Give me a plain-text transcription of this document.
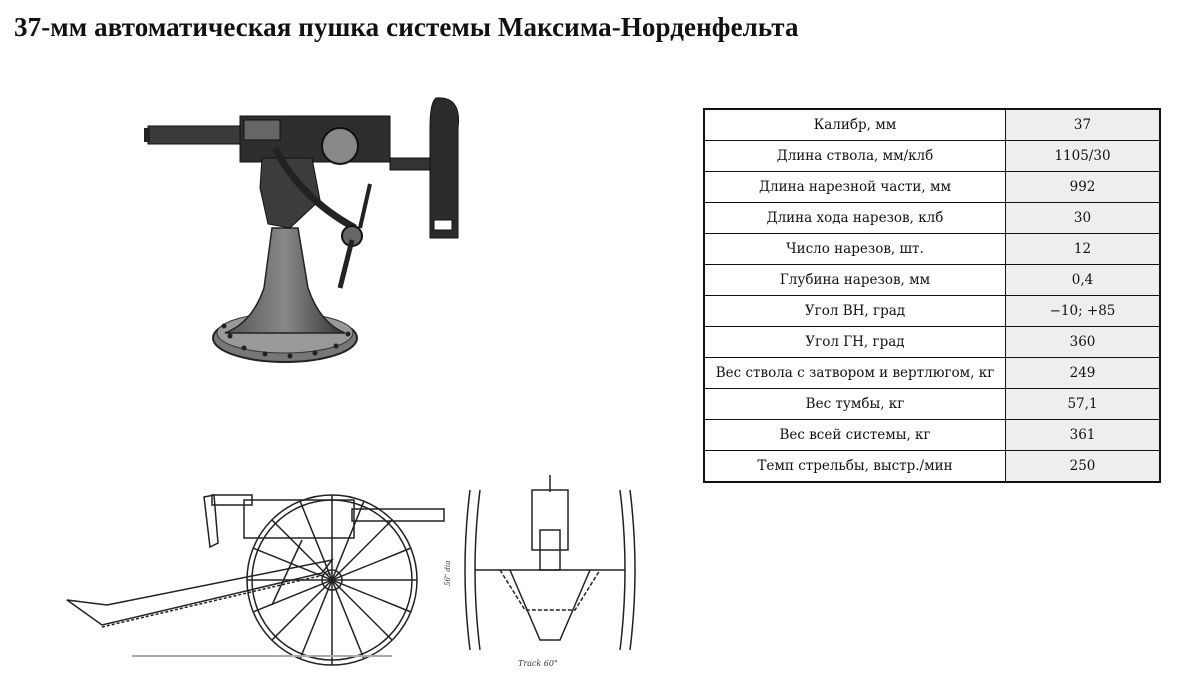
37-мм автоматическая пушка системы Максима-Норденфельта
Track 60"
56" dia
Калибр, мм	37
Длина ствола, мм/клб	1105/30
Длина нарезной части, мм	992
Длина хода нарезов, клб	30
Число нарезов, шт.	12
Глубина нарезов, мм	0,4
Угол ВН, град	−10; +85
Угол ГН, град	360
Вес ствола с затвором и вертлюгом, кг	249
Вес тумбы, кг	57,1
Вес всей системы, кг	361
Темп стрельбы, выстр./мин	250
